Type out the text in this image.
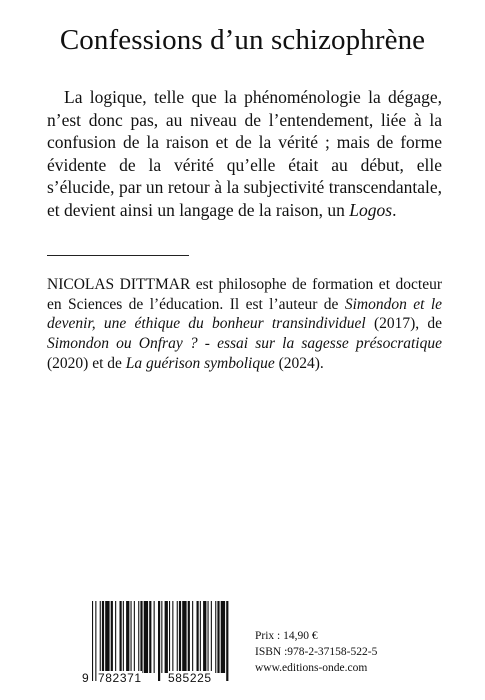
Confessions d’un schizophrène

La logique, telle que la phénoménologie la dégage, n’est donc pas, au niveau de l’entendement, liée à la confusion de la raison et de la vérité ; mais de forme évidente de la vérité qu’elle était au début, elle s’élucide, par un retour à la subjectivité transcendantale, et devient ainsi un langage de la raison, un Logos.

NICOLAS DITTMAR est philosophe de formation et docteur en Sciences de l’éducation. Il est l’auteur de Simondon et le devenir, une éthique du bonheur transindividuel (2017), de Simondon ou Onfray ? - essai sur la sagesse présocratique (2020) et de La guérison symbolique (2024).

9 782371 585225
Prix : 14,90 €
ISBN :978-2-37158-522-5
www.editions-onde.com
